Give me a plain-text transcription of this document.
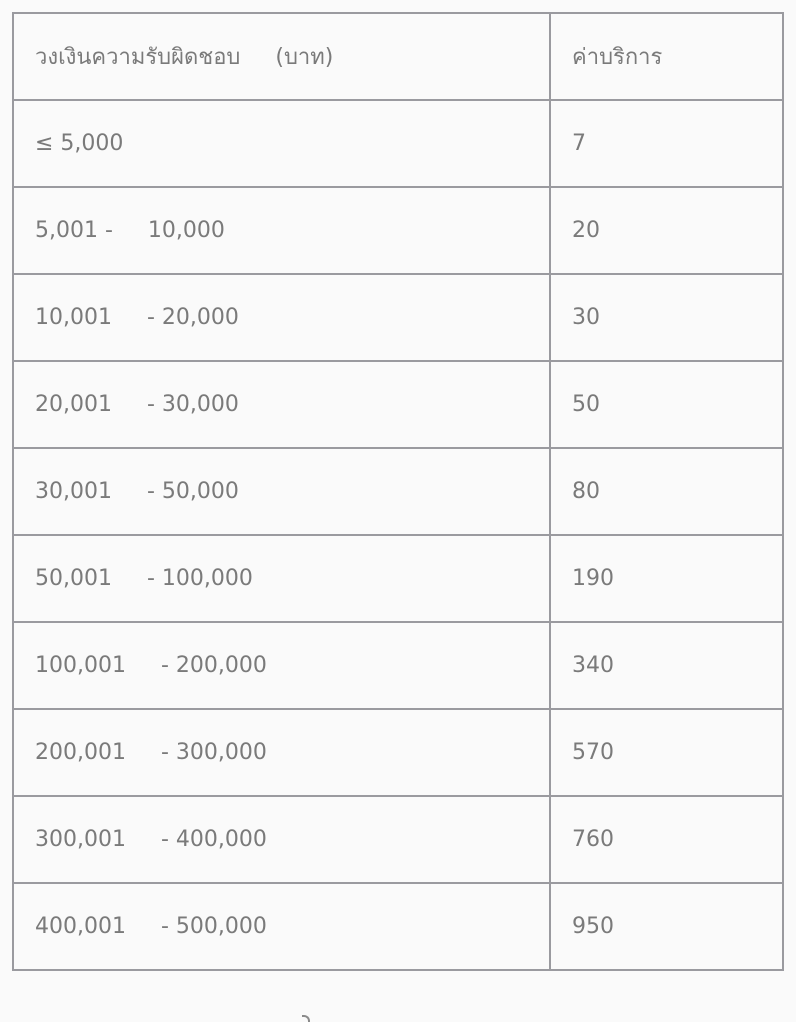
วงเงินความรับผิดชอบ     (บาท)	ค่าบริการ
≤ 5,000	7
5,001 -     10,000	20
10,001     - 20,000	30
20,001     - 30,000	50
30,001     - 50,000	80
50,001     - 100,000	190
100,001     - 200,000	340
200,001     - 300,000	570
300,001     - 400,000	760
400,001     - 500,000	950
